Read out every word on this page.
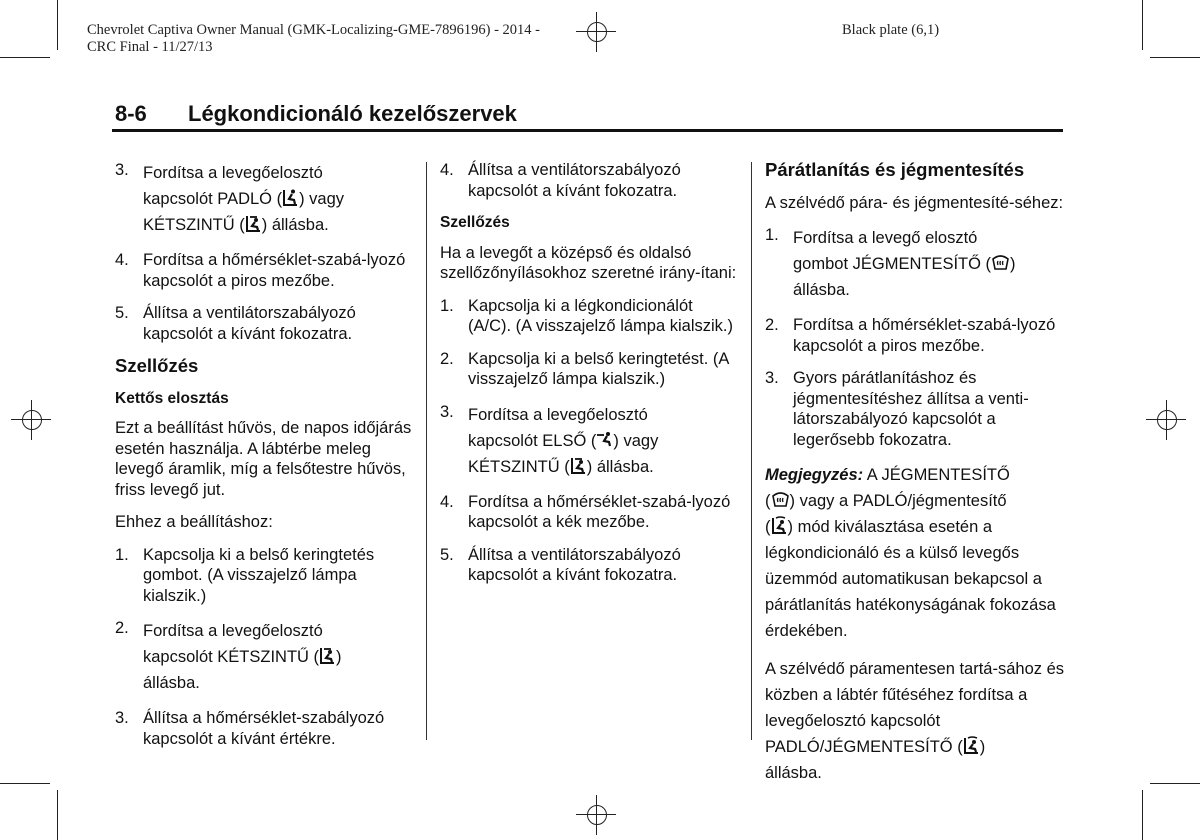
Chevrolet Captiva Owner Manual (GMK-Localizing-GME-7896196) - 2014 -
CRC Final - 11/27/13
Black plate (6,1)
8-6 Légkondicionáló kezelőszervek
3. Fordítsa a levegőelosztó
kapcsolót PADLÓ ( ) vagy
KÉTSZINTŰ ( ) állásba.
4. Fordítsa a hőmérséklet-szabá-lyozó kapcsolót a piros mezőbe.
5. Állítsa a ventilátorszabályozó kapcsolót a kívánt fokozatra.
Szellőzés
Kettős elosztás

Ezt a beállítást hűvös, de napos időjárás esetén használja. A lábtérbe meleg levegő áramlik, míg a felsőtestre hűvös, friss levegő jut.

Ehhez a beállításhoz:

1. Kapcsolja ki a belső keringtetés gombot. (A visszajelző lámpa kialszik.)
2. Fordítsa a levegőelosztó
kapcsolót KÉTSZINTŰ ( )
állásba.
3. Állítsa a hőmérséklet-szabályozó kapcsolót a kívánt értékre.
4. Állítsa a ventilátorszabályozó kapcsolót a kívánt fokozatra.
Szellőzés

Ha a levegőt a középső és oldalsó szellőzőnyílásokhoz szeretné irány-ítani:

1. Kapcsolja ki a légkondicionálót (A/C). (A visszajelző lámpa kialszik.)
2. Kapcsolja ki a belső keringtetést. (A visszajelző lámpa kialszik.)
3. Fordítsa a levegőelosztó
kapcsolót ELSŐ ( ) vagy
KÉTSZINTŰ ( ) állásba.
4. Fordítsa a hőmérséklet-szabá-lyozó kapcsolót a kék mezőbe.
5. Állítsa a ventilátorszabályozó kapcsolót a kívánt fokozatra.
Párátlanítás és jégmentesítés

A szélvédő pára- és jégmentesíté-séhez:

1. Fordítsa a levegő elosztó
gombot JÉGMENTESÍTŐ ( )
állásba.
2. Fordítsa a hőmérséklet-szabá-lyozó kapcsolót a piros mezőbe.
3. Gyors párátlanításhoz és jégmentesítéshez állítsa a venti-látorszabályozó kapcsolót a legerősebb fokozatra.

Megjegyzés: A JÉGMENTESÍTŐ
( ) vagy a PADLÓ/jégmentesítő
( ) mód kiválasztása esetén a légkondicionáló és a külső levegős üzemmód automatikusan bekapcsol a párátlanítás hatékonyságának fokozása érdekében.

A szélvédő páramentesen tartá-sához és közben a lábtér fűtéséhez fordítsa a levegőelosztó kapcsolót
PADLÓ/JÉGMENTESÍTŐ ( )
állásba.
